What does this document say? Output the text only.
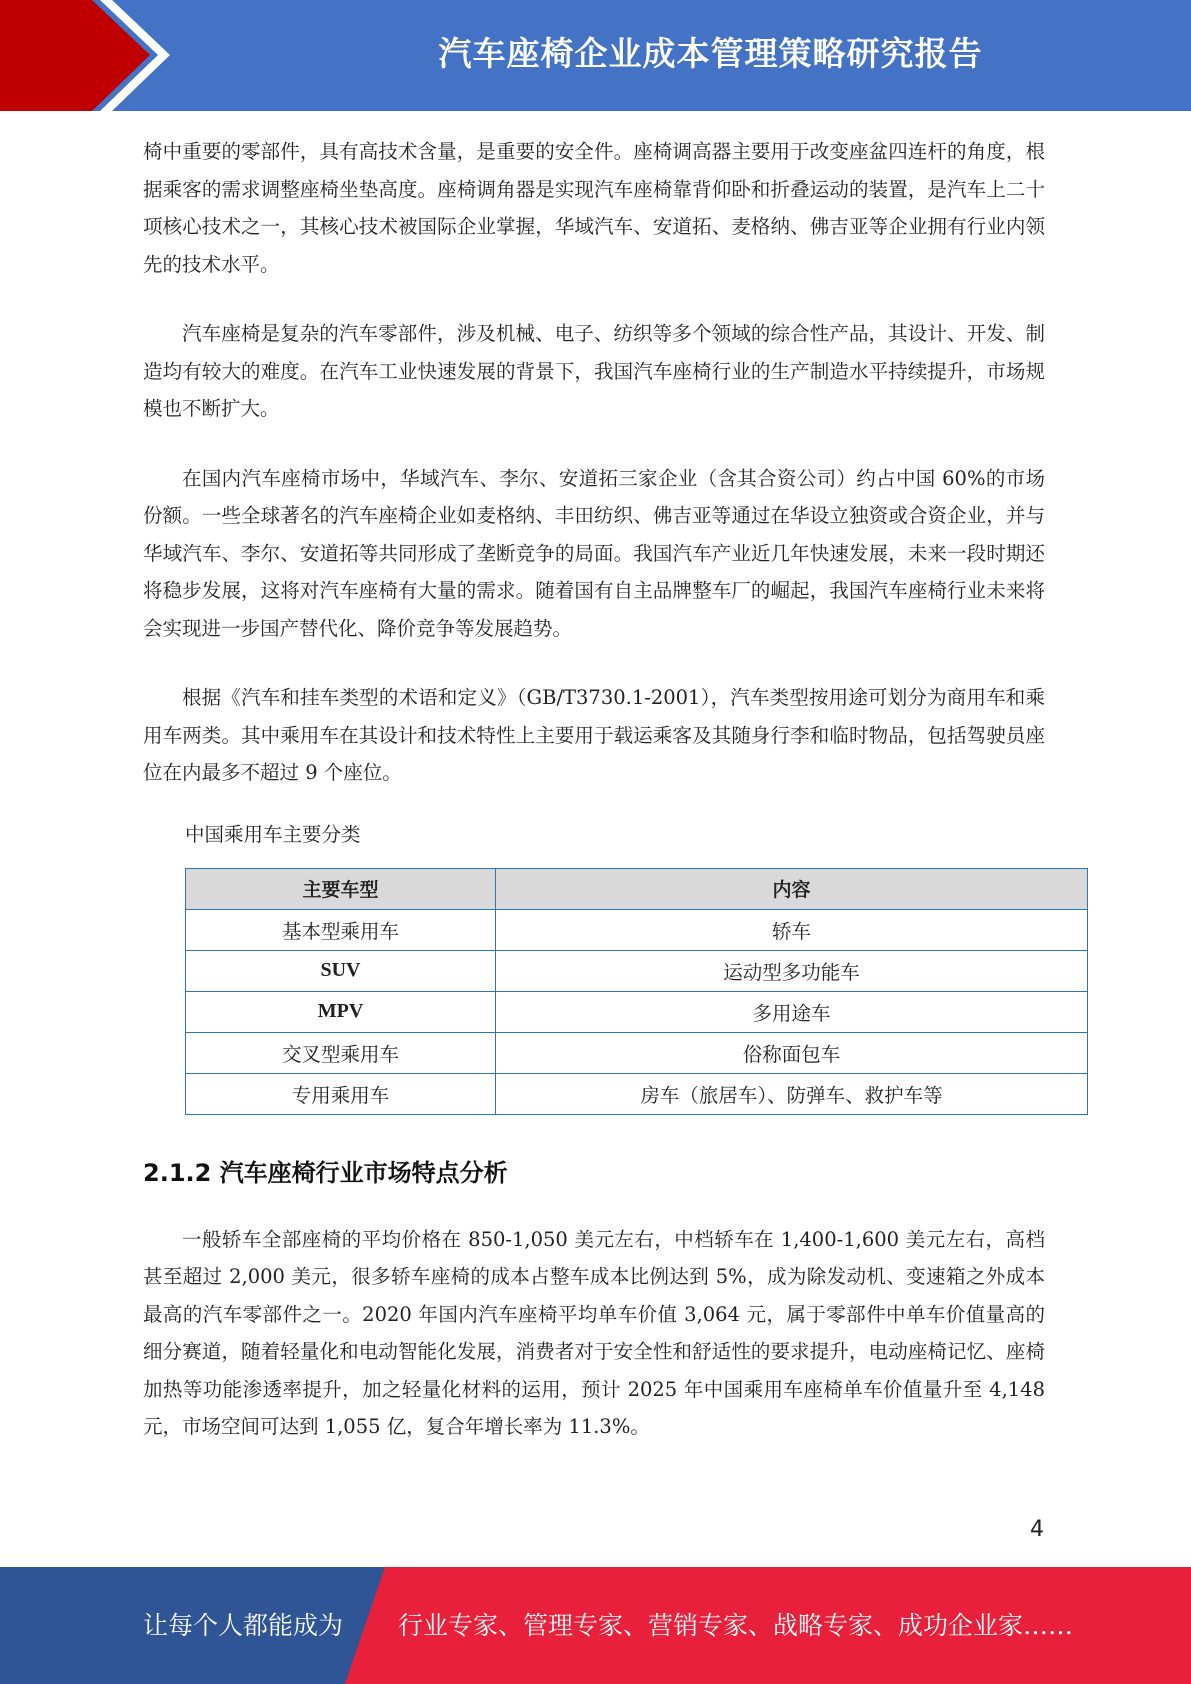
汽车座椅企业成本管理策略研究报告

椅中重要的零部件，具有高技术含量，是重要的安全件。座椅调高器主要用于改变座盆四连杆的角度，根据乘客的需求调整座椅坐垫高度。座椅调角器是实现汽车座椅靠背仰卧和折叠运动的装置，是汽车上二十项核心技术之一，其核心技术被国际企业掌握，华域汽车、安道拓、麦格纳、佛吉亚等企业拥有行业内领先的技术水平。

汽车座椅是复杂的汽车零部件，涉及机械、电子、纺织等多个领域的综合性产品，其设计、开发、制造均有较大的难度。在汽车工业快速发展的背景下，我国汽车座椅行业的生产制造水平持续提升，市场规模也不断扩大。

在国内汽车座椅市场中，华域汽车、李尔、安道拓三家企业（含其合资公司）约占中国 60%的市场份额。一些全球著名的汽车座椅企业如麦格纳、丰田纺织、佛吉亚等通过在华设立独资或合资企业，并与华域汽车、李尔、安道拓等共同形成了垄断竞争的局面。我国汽车产业近几年快速发展，未来一段时期还将稳步发展，这将对汽车座椅有大量的需求。随着国有自主品牌整车厂的崛起，我国汽车座椅行业未来将会实现进一步国产替代化、降价竞争等发展趋势。

根据《汽车和挂车类型的术语和定义》（GB/T3730.1-2001），汽车类型按用途可划分为商用车和乘用车两类。其中乘用车在其设计和技术特性上主要用于载运乘客及其随身行李和临时物品，包括驾驶员座位在内最多不超过 9 个座位。

中国乘用车主要分类
主要车型	内容
基本型乘用车	轿车
SUV	运动型多功能车
MPV	多用途车
交叉型乘用车	俗称面包车
专用乘用车	房车（旅居车）、防弹车、救护车等
2.1.2 汽车座椅行业市场特点分析

一般轿车全部座椅的平均价格在 850-1,050 美元左右，中档轿车在 1,400-1,600 美元左右，高档甚至超过 2,000 美元，很多轿车座椅的成本占整车成本比例达到 5%，成为除发动机、变速箱之外成本最高的汽车零部件之一。2020 年国内汽车座椅平均单车价值 3,064 元，属于零部件中单车价值量高的细分赛道，随着轻量化和电动智能化发展，消费者对于安全性和舒适性的要求提升，电动座椅记忆、座椅加热等功能渗透率提升，加之轻量化材料的运用，预计 2025 年中国乘用车座椅单车价值量升至 4,148 元，市场空间可达到 1,055 亿，复合年增长率为 11.3%。

4
让每个人都能成为 行业专家、管理专家、营销专家、战略专家、成功企业家……
